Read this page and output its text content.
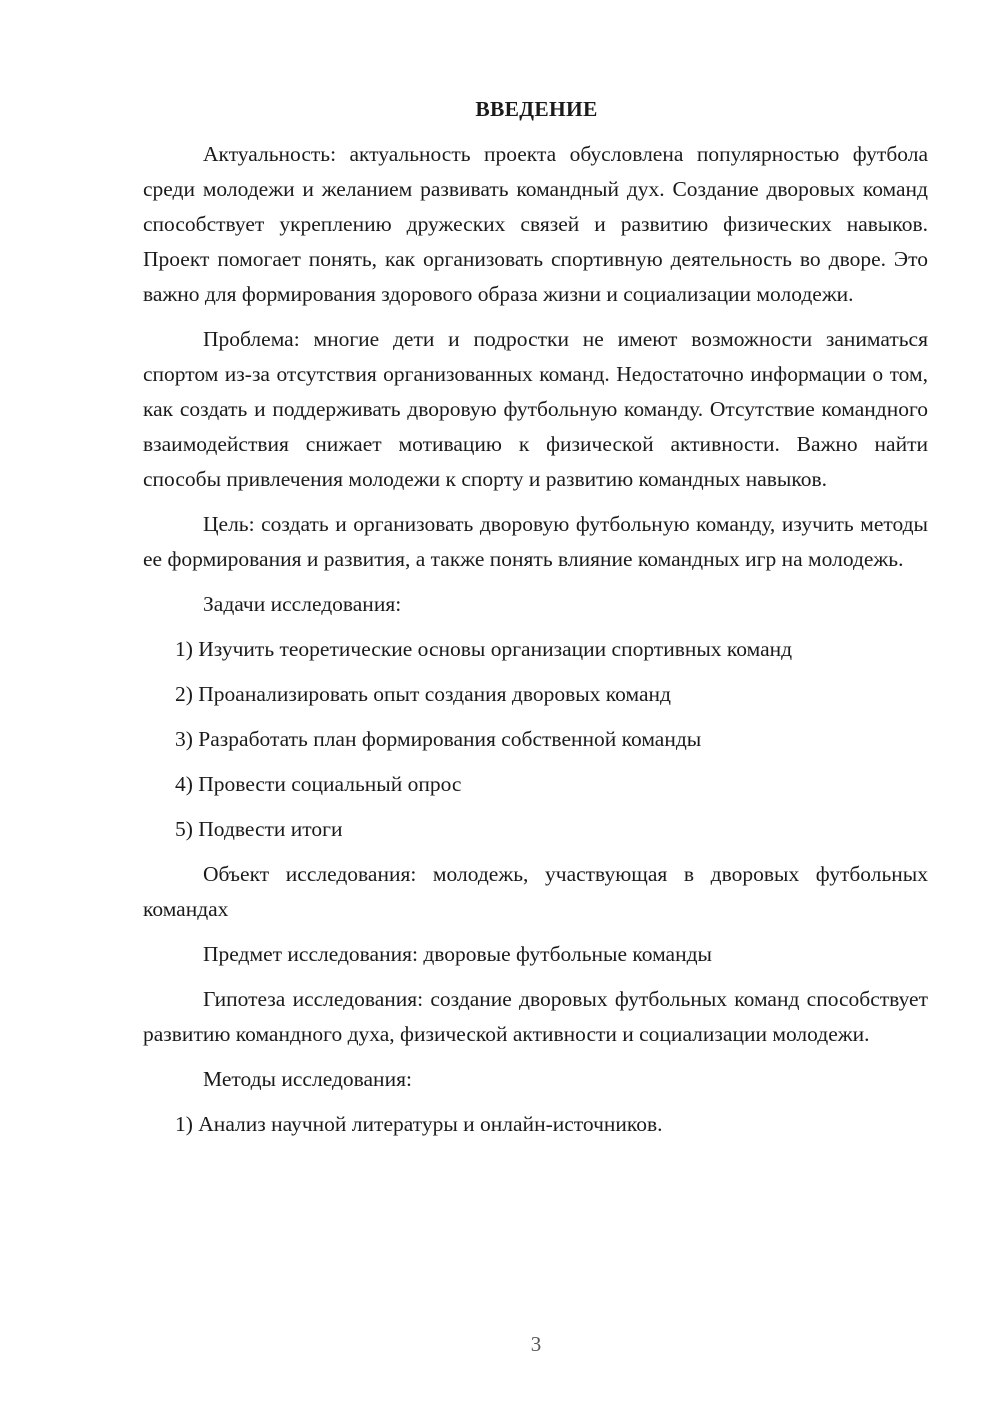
ВВЕДЕНИЕ
Актуальность: актуальность проекта обусловлена популярностью футбола среди молодежи и желанием развивать командный дух. Создание дворовых команд способствует укреплению дружеских связей и развитию физических навыков. Проект помогает понять, как организовать спортивную деятельность во дворе. Это важно для формирования здорового образа жизни и социализации молодежи.
Проблема: многие дети и подростки не имеют возможности заниматься спортом из-за отсутствия организованных команд. Недостаточно информации о том, как создать и поддерживать дворовую футбольную команду. Отсутствие командного взаимодействия снижает мотивацию к физической активности. Важно найти способы привлечения молодежи к спорту и развитию командных навыков.
Цель: создать и организовать дворовую футбольную команду, изучить методы ее формирования и развития, а также понять влияние командных игр на молодежь.
Задачи исследования:
1) Изучить теоретические основы организации спортивных команд
2) Проанализировать опыт создания дворовых команд
3) Разработать план формирования собственной команды
4) Провести социальный опрос
5) Подвести итоги
Объект исследования: молодежь, участвующая в дворовых футбольных командах
Предмет исследования: дворовые футбольные команды
Гипотеза исследования: создание дворовых футбольных команд способствует развитию командного духа, физической активности и социализации молодежи.
Методы исследования:
1) Анализ научной литературы и онлайн-источников.
3
